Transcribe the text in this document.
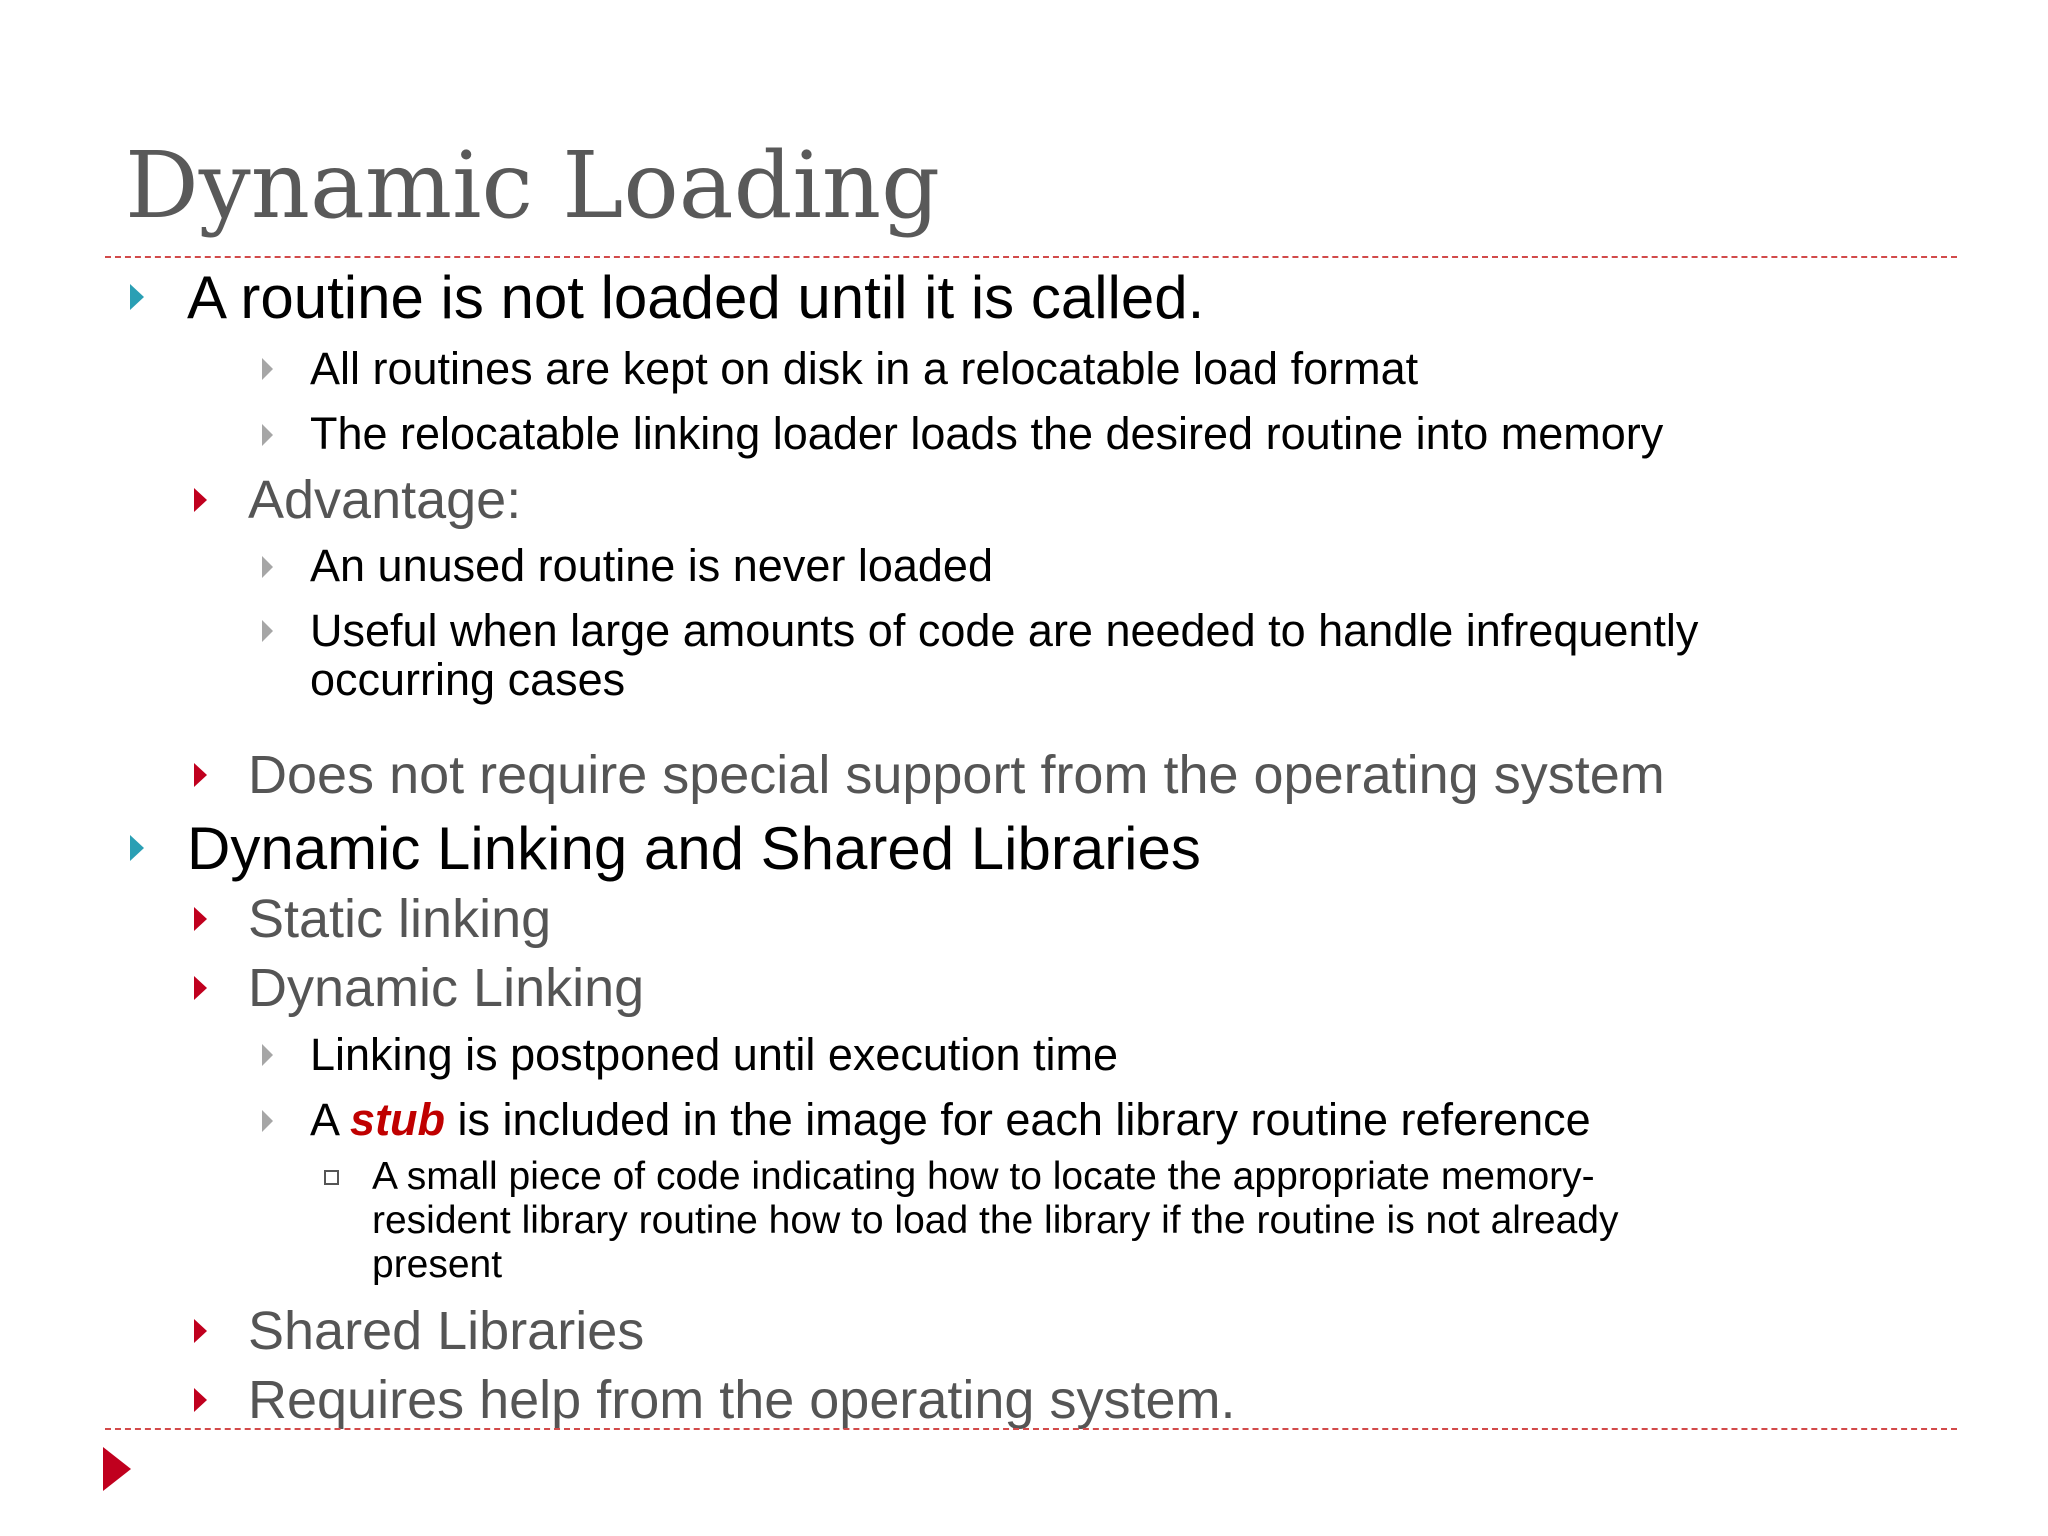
Dynamic Loading
A routine is not loaded until it is called.
All routines are kept on disk in a relocatable load format
The relocatable linking loader loads the desired routine into memory
Advantage:
An unused routine is never loaded
Useful when large amounts of code are needed to handle infrequently
occurring cases
Does not require special support from the operating system
Dynamic Linking and Shared Libraries
Static linking
Dynamic Linking
Linking is postponed until execution time
A stub is included in the image for each library routine reference
A small piece of code indicating how to locate the appropriate memory-
resident library routine how to load the library if the routine is not already
present
Shared Libraries
Requires help from the operating system.
